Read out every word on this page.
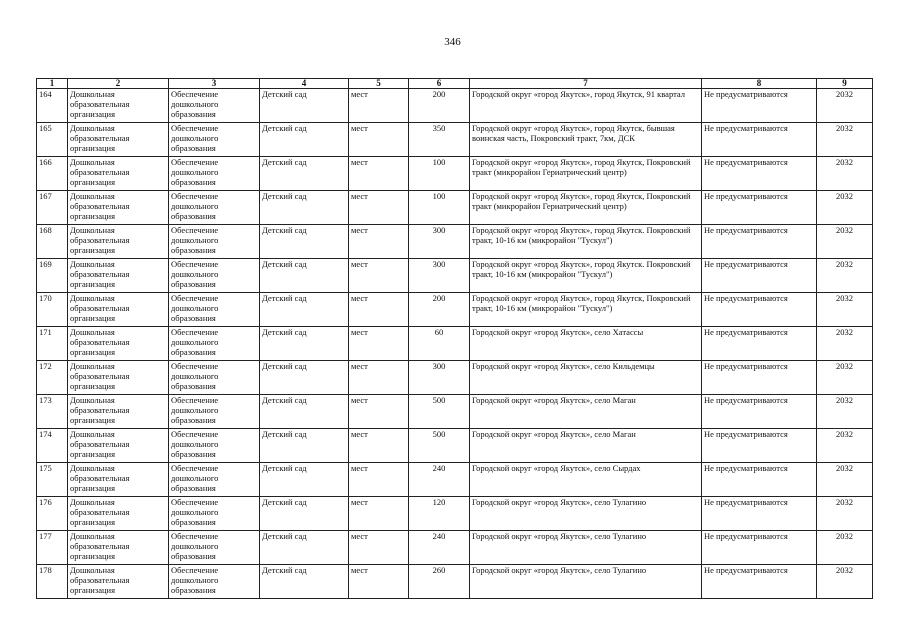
346
1	2	3	4	5	6	7	8	9

164	Дошкольная образовательная организация	Обеспечение дошкольного образования	Детский сад	мест	200	Городской округ «город Якутск», город Якутск, 91 квартал	Не предусматриваются	2032

165	Дошкольная образовательная организация	Обеспечение дошкольного образования	Детский сад	мест	350	Городской округ «город Якутск», город Якутск, бывшая воинская часть, Покровский тракт, 7км, ДСК	Не предусматриваются	2032

166	Дошкольная образовательная организация	Обеспечение дошкольного образования	Детский сад	мест	100	Городской округ «город Якутск», город Якутск, Покровский тракт (микрорайон Гериатрический центр)	Не предусматриваются	2032

167	Дошкольная образовательная организация	Обеспечение дошкольного образования	Детский сад	мест	100	Городской округ «город Якутск», город Якутск, Покровский тракт (микрорайон Гериатрический центр)	Не предусматриваются	2032

168	Дошкольная образовательная организация	Обеспечение дошкольного образования	Детский сад	мест	300	Городской округ «город Якутск», город Якутск. Покровский тракт, 10-16 км (микрорайон "Тускул")	Не предусматриваются	2032

169	Дошкольная образовательная организация	Обеспечение дошкольного образования	Детский сад	мест	300	Городской округ «город Якутск», город Якутск. Покровский тракт, 10-16 км (микрорайон "Тускул")	Не предусматриваются	2032

170	Дошкольная образовательная организация	Обеспечение дошкольного образования	Детский сад	мест	200	Городской округ «город Якутск», город Якутск, Покровский тракт, 10-16 км (микрорайон "Тускул")	Не предусматриваются	2032

171	Дошкольная образовательная организация	Обеспечение дошкольного образования	Детский сад	мест	60	Городской округ «город Якутск», село Хатассы	Не предусматриваются	2032

172	Дошкольная образовательная организация	Обеспечение дошкольного образования	Детский сад	мест	300	Городской округ «город Якутск», село Кильдемцы	Не предусматриваются	2032

173	Дошкольная образовательная организация	Обеспечение дошкольного образования	Детский сад	мест	500	Городской округ «город Якутск», село Маган	Не предусматриваются	2032

174	Дошкольная образовательная организация	Обеспечение дошкольного образования	Детский сад	мест	500	Городской округ «город Якутск», село Маган	Не предусматриваются	2032

175	Дошкольная образовательная организация	Обеспечение дошкольного образования	Детский сад	мест	240	Городской округ «город Якутск», село Сырдах	Не предусматриваются	2032

176	Дошкольная образовательная организация	Обеспечение дошкольного образования	Детский сад	мест	120	Городской округ «город Якутск», село Тулагино	Не предусматриваются	2032

177	Дошкольная образовательная организация	Обеспечение дошкольного образования	Детский сад	мест	240	Городской округ «город Якутск», село Тулагино	Не предусматриваются	2032

178	Дошкольная образовательная организация	Обеспечение дошкольного образования	Детский сад	мест	260	Городской округ «город Якутск», село Тулагино	Не предусматриваются	2032
